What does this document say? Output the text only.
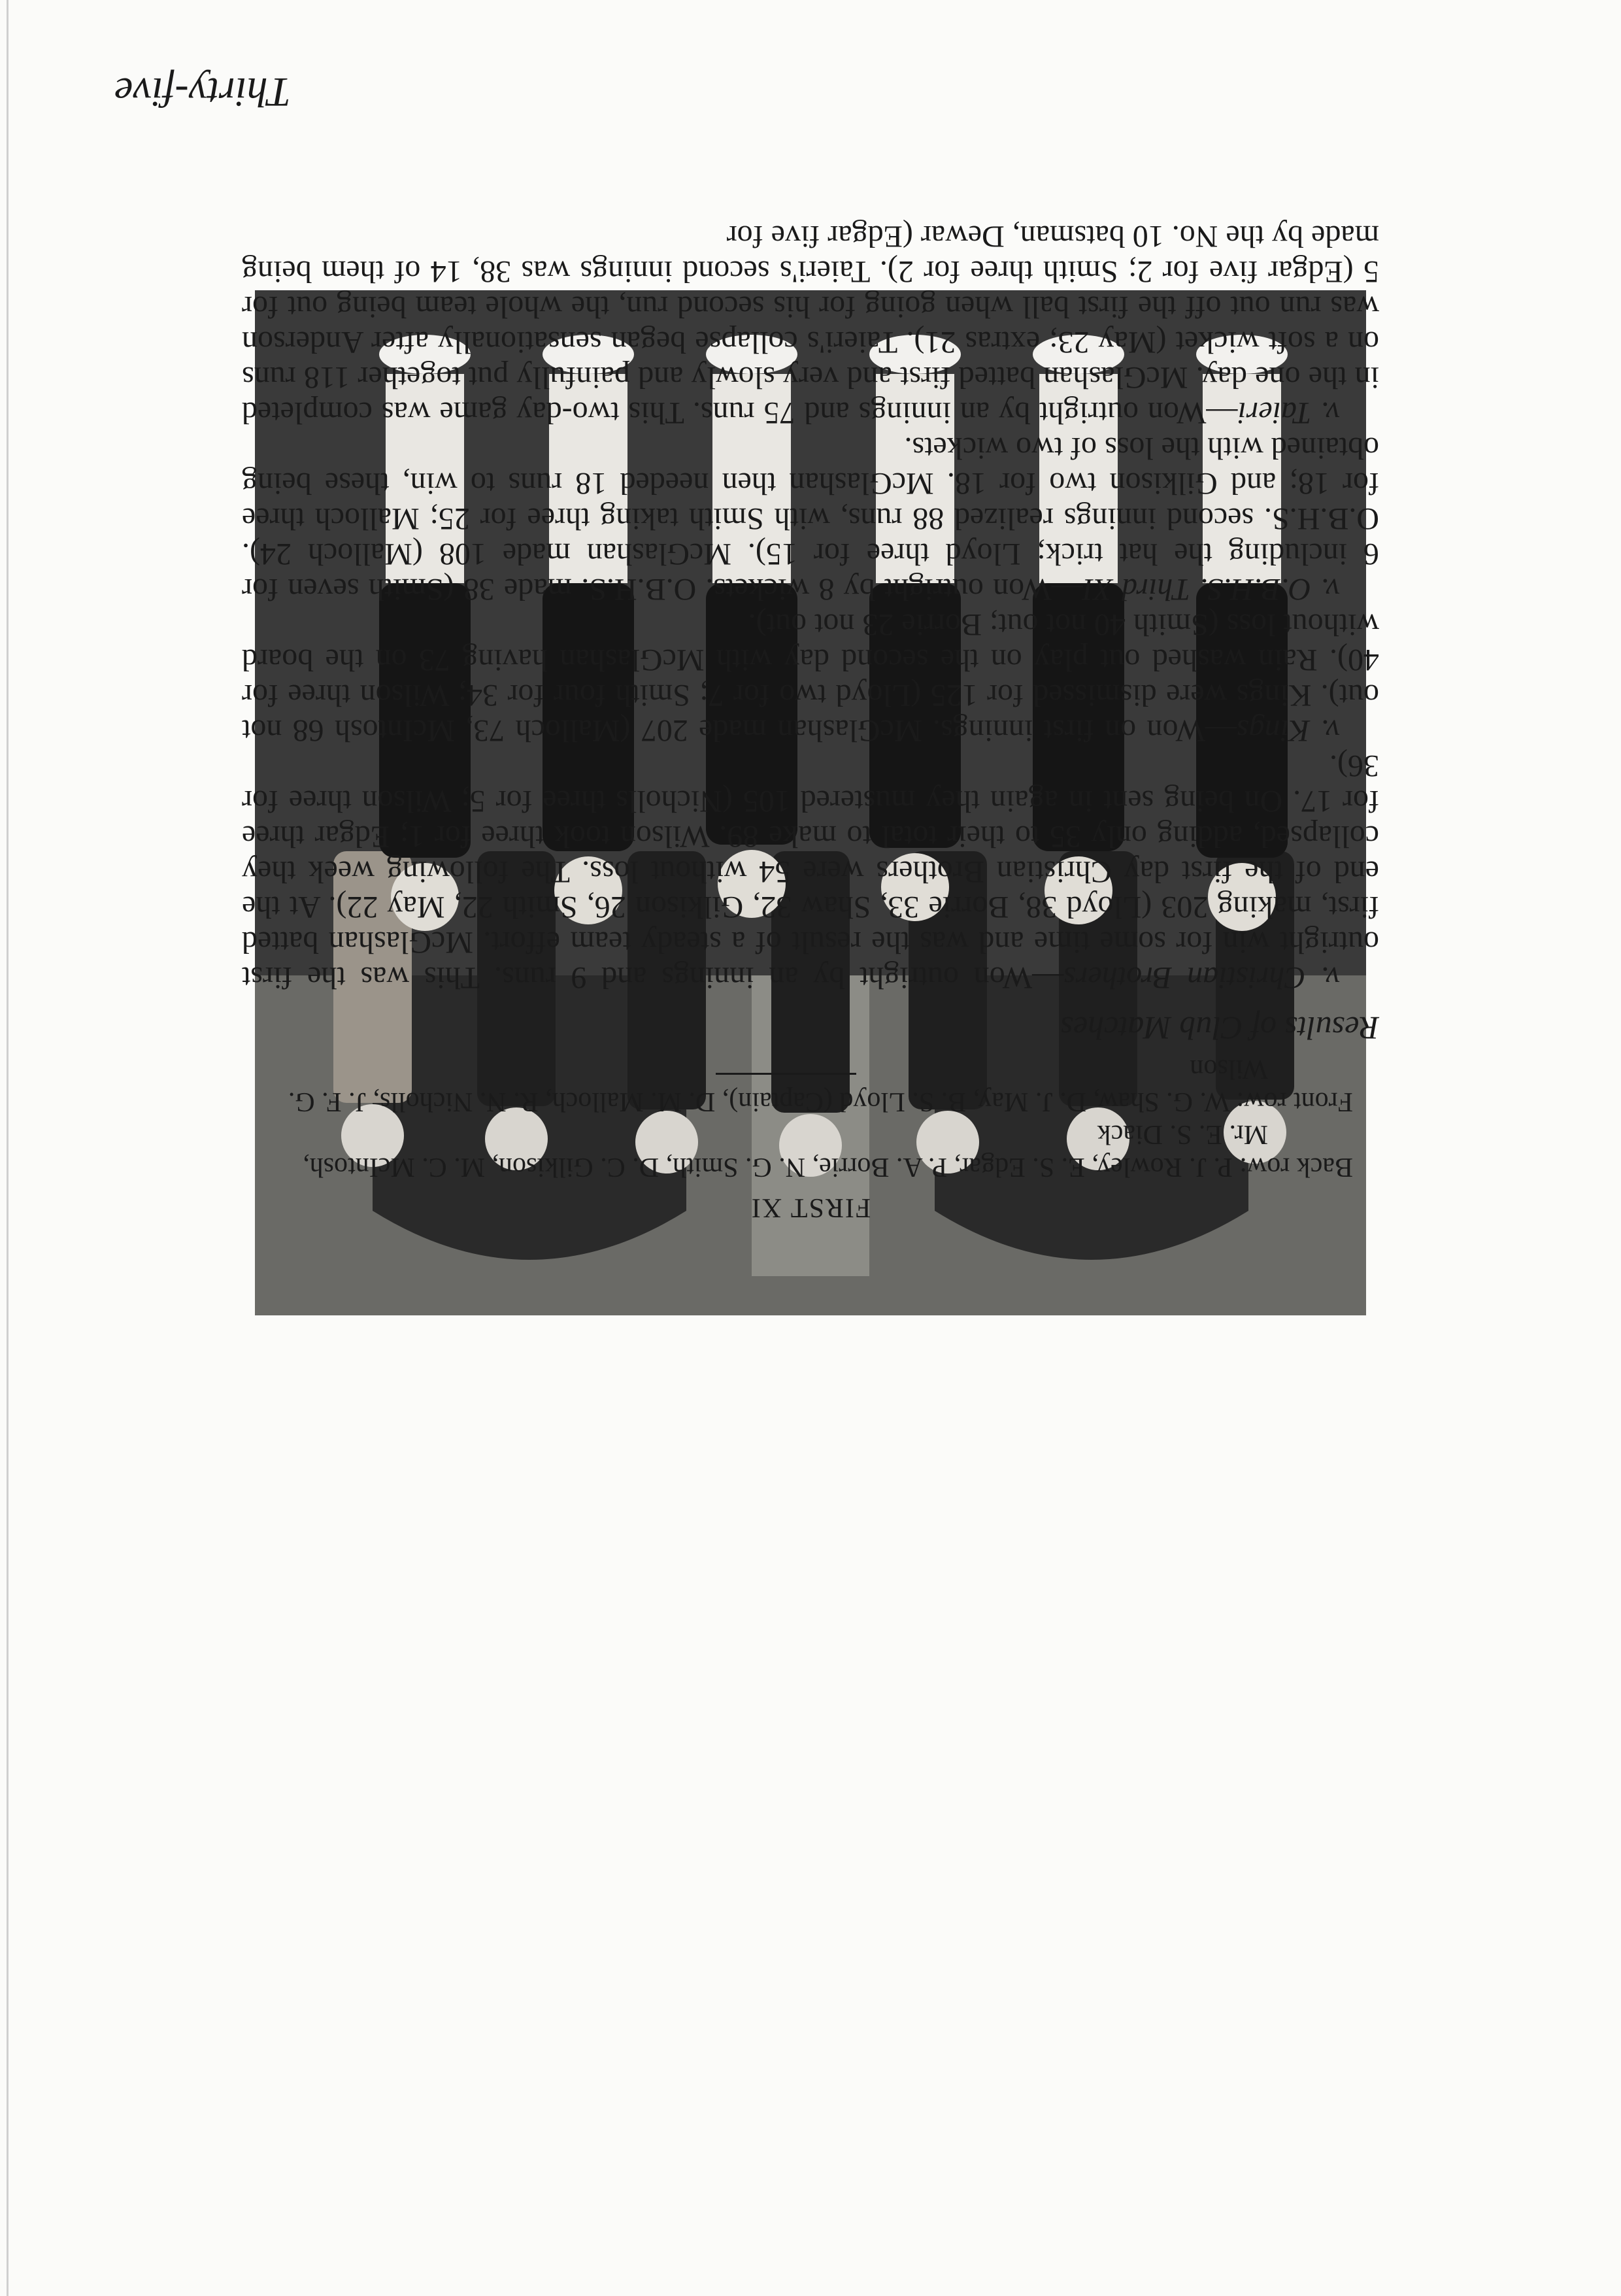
Thirty-five
FIRST XI
Back row: P. J. Rowley, E. S. Edgar, P. A. Borrie, N. G. Smith, D. C. Gilkison, M. C. McIntosh, Mr. E. S. Diack
Front row: W. G. Shaw, D. J. May, B. S. Lloyd (Captain), D. M. Malloch, R. N. Nicholls, J. F. G. Wilson
Results of Club Matches

v. Christian Brothers—Won outright by an innings and 9 runs. This was the first outright win for some time and was the result of a steady team effort. McGlashan batted first, making 203 (Lloyd 38, Borrie 33, Shaw 32, Gilkison 26, Smith 22, May 22). At the end of the first day Christian Brothers were 54 without loss. The following week they collapsed, adding only 35 to their total to make 89. Wilson took three for 1; Edgar three for 17. On being sent in again they mustered 105 (Nicholls three for 5; Wilson three for 36).

v. Kings—Won on first innings. McGlashan made 207 (Malloch 73, McIntosh 68 not out). Kings were dismissed for 125 (Lloyd two for 7; Smith four for 34; Wilson three for 40). Rain washed out play on the second day with McGlashan having 73 on the board without loss (Smith 40 not out; Borrie 23 not out).

v. O.B.H.S. Third XI—Won outright by 8 wickets. O.B.H.S. made 38 (Smith seven for 6 including the hat trick; Lloyd three for 15). McGlashan made 108 (Malloch 24). O.B.H.S. second innings realized 88 runs, with Smith taking three for 25; Malloch three for 18; and Gilkison two for 18. McGlashan then needed 18 runs to win, these being obtained with the loss of two wickets.

v. Taieri—Won outright by an innings and 75 runs. This two-day game was completed in the one day. McGlashan batted first and very slowly and painfully put together 118 runs on a soft wicket (May 23; extras 21). Taieri's collapse began sensationally after Anderson was run out off the first ball when going for his second run, the whole team being out for 5 (Edgar five for 2; Smith three for 2). Taieri's second innings was 38, 14 of them being made by the No. 10 batsman, Dewar (Edgar five for
